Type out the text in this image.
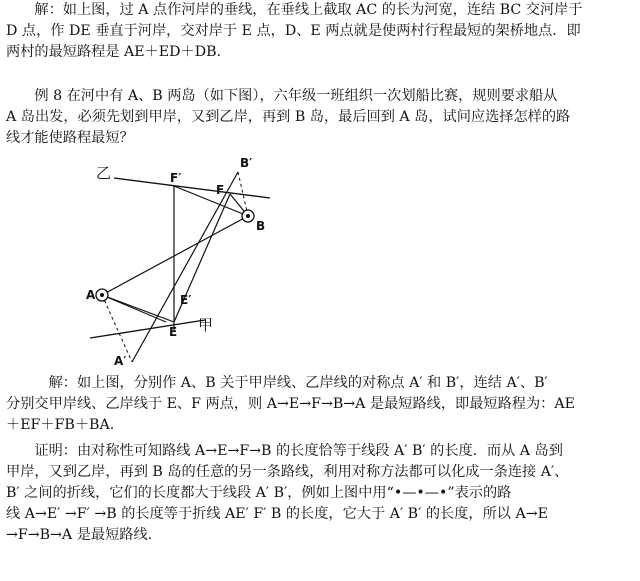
　　解：如上图，过 A 点作河岸的垂线，在垂线上截取 AC 的长为河宽，连结 BC 交河岸于
D 点，作 DE 垂直于河岸，交对岸于 E 点，D、E 两点就是使两村行程最短的架桥地点．即
两村的最短路程是 AE＋ED＋DB.

　　例 8 在河中有 A、B 两岛（如下图），六年级一班组织一次划船比赛，规则要求船从
A 岛出发，必须先划到甲岸，又到乙岸，再到 B 岛，最后回到 A 岛，试问应选择怎样的路
线才能使路程最短？

乙
甲
A
B
B′
A′
F′
F
E′
E

　　　解：如上图，分别作 A、B 关于甲岸线、乙岸线的对称点 A′ 和 B′，连结 A′、B′
分别交甲岸线、乙岸线于 E、F 两点，则 A→E→F→B→A 是最短路线，即最短路程为：AE
＋EF＋FB＋BA.

　　证明：由对称性可知路线 A→E→F→B 的长度恰等于线段 A′ B′ 的长度．而从 A 岛到
甲岸，又到乙岸，再到 B 岛的任意的另一条路线，利用对称方法都可以化成一条连接 A′、
B′ 之间的折线，它们的长度都大于线段 A′ B′，例如上图中用“•—•—•”表示的路
线 A→E′ →F′ →B 的长度等于折线 AE′ F′ B 的长度，它大于 A′ B′ 的长度，所以 A→E
→F→B→A 是最短路线.
